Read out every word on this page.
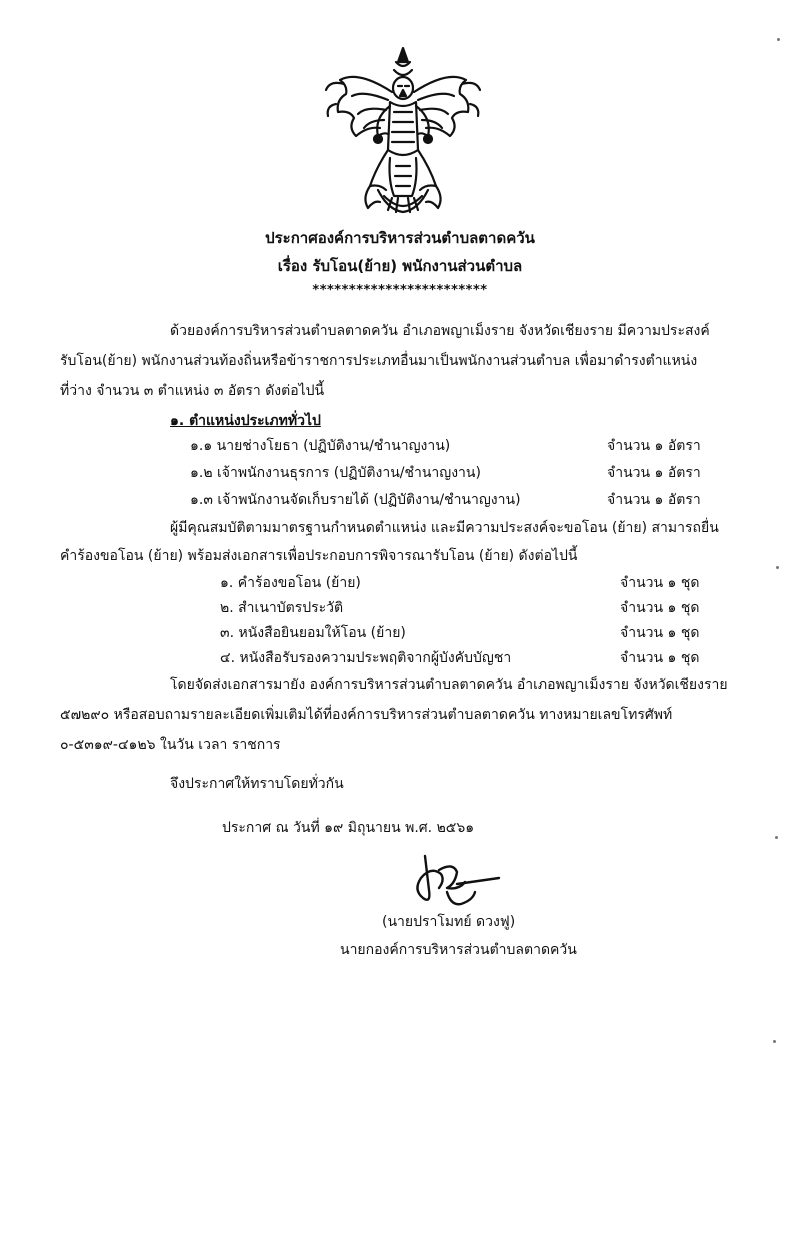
ประกาศองค์การบริหารส่วนตำบลตาดควัน
เรื่อง รับโอน(ย้าย) พนักงานส่วนตำบล
************************
ด้วยองค์การบริหารส่วนตำบลตาดควัน อำเภอพญาเม็งราย จังหวัดเชียงราย มีความประสงค์
รับโอน(ย้าย) พนักงานส่วนท้องถิ่นหรือข้าราชการประเภทอื่นมาเป็นพนักงานส่วนตำบล เพื่อมาดำรงตำแหน่ง
ที่ว่าง จำนวน ๓ ตำแหน่ง ๓ อัตรา ดังต่อไปนี้
๑. ตำแหน่งประเภททั่วไป
๑.๑ นายช่างโยธา (ปฏิบัติงาน/ชำนาญงาน)	จำนวน ๑ อัตรา
๑.๒ เจ้าพนักงานธุรการ (ปฏิบัติงาน/ชำนาญงาน)	จำนวน ๑ อัตรา
๑.๓ เจ้าพนักงานจัดเก็บรายได้ (ปฏิบัติงาน/ชำนาญงาน)	จำนวน ๑ อัตรา
ผู้มีคุณสมบัติตามมาตรฐานกำหนดตำแหน่ง และมีความประสงค์จะขอโอน (ย้าย) สามารถยื่น
คำร้องขอโอน (ย้าย) พร้อมส่งเอกสารเพื่อประกอบการพิจารณารับโอน (ย้าย) ดังต่อไปนี้
๑. คำร้องขอโอน (ย้าย)	จำนวน ๑ ชุด
๒. สำเนาบัตรประวัติ	จำนวน ๑ ชุด
๓. หนังสือยินยอมให้โอน (ย้าย)	จำนวน ๑ ชุด
๔. หนังสือรับรองความประพฤติจากผู้บังคับบัญชา	จำนวน ๑ ชุด
โดยจัดส่งเอกสารมายัง องค์การบริหารส่วนตำบลตาดควัน อำเภอพญาเม็งราย จังหวัดเชียงราย
๕๗๒๙๐ หรือสอบถามรายละเอียดเพิ่มเติมได้ที่องค์การบริหารส่วนตำบลตาดควัน ทางหมายเลขโทรศัพท์
๐-๕๓๑๙-๔๑๒๖ ในวัน เวลา ราชการ
จึงประกาศให้ทราบโดยทั่วกัน
ประกาศ ณ วันที่ ๑๙ มิถุนายน พ.ศ. ๒๕๖๑
(นายปราโมทย์ ดวงฟู)
นายกองค์การบริหารส่วนตำบลตาดควัน
